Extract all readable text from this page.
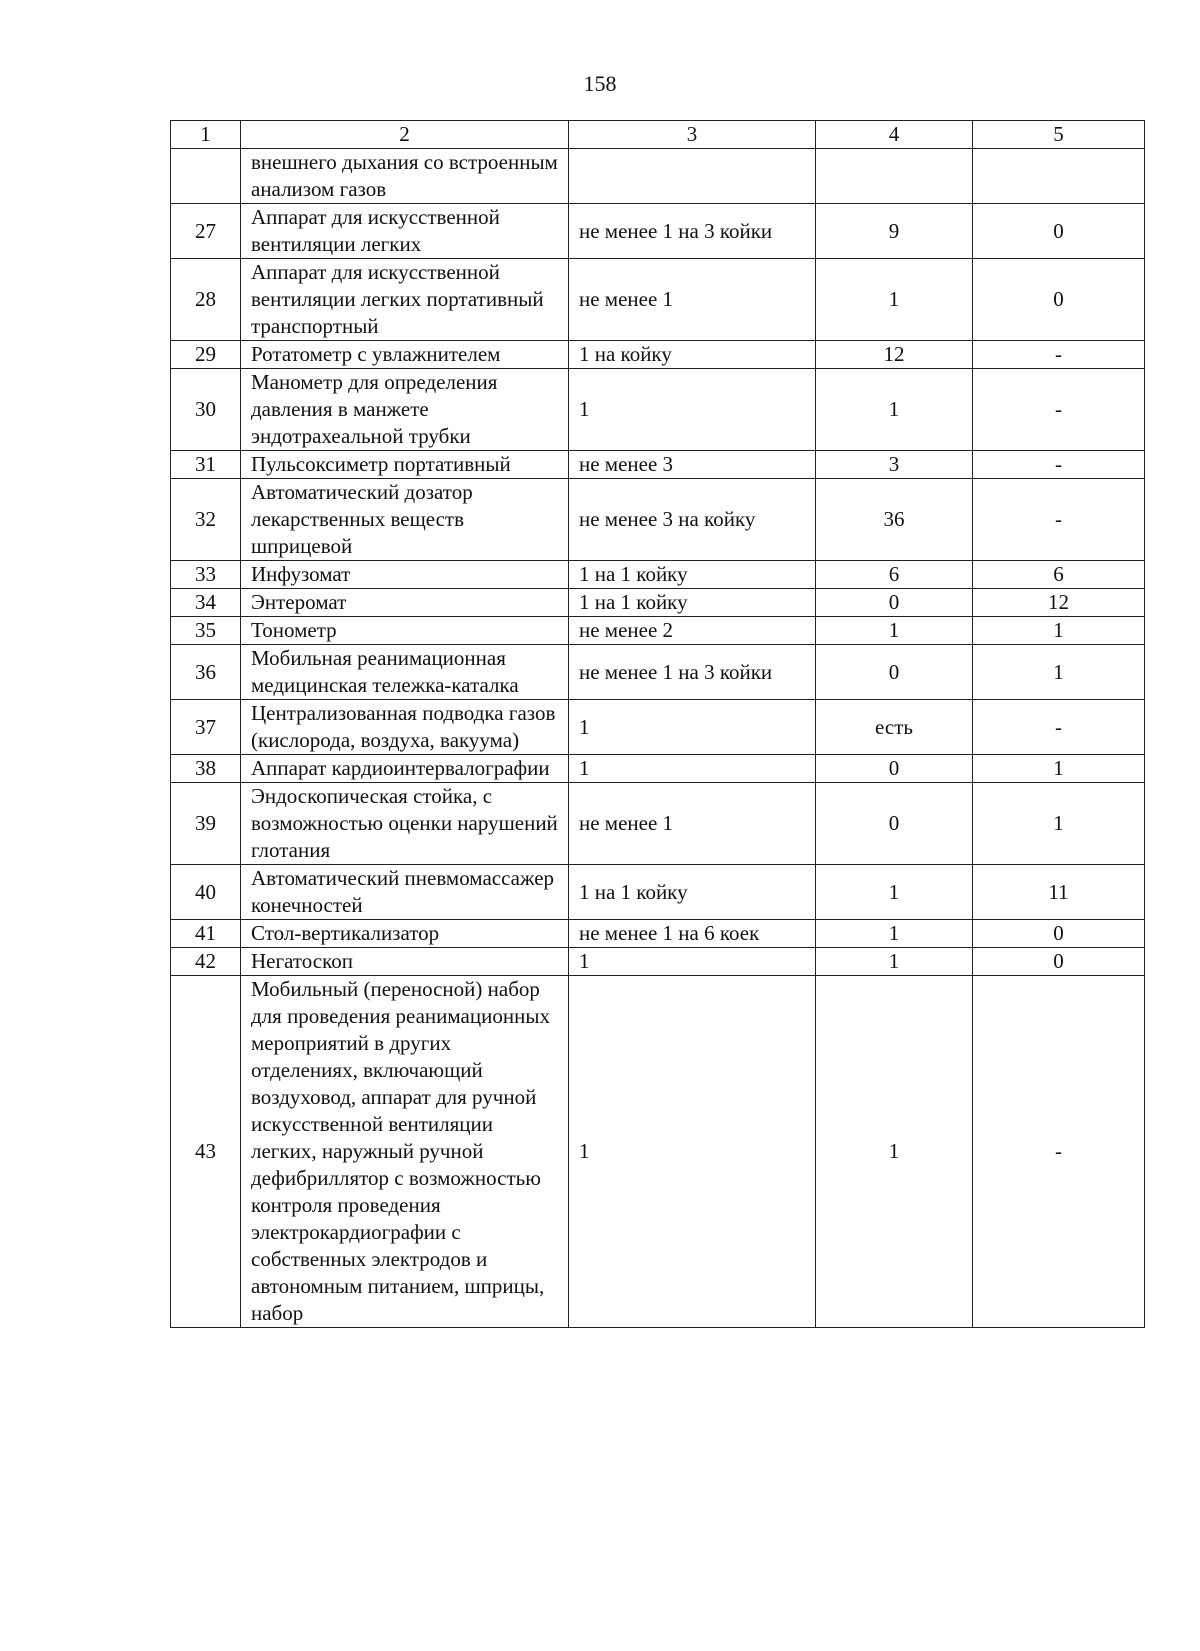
158
1	2	3	4	5
	внешнего дыхания со встроенным анализом газов			
27	Аппарат для искусственной вентиляции легких	не менее 1 на 3 койки	9	0
28	Аппарат для искусственной вентиляции легких портативный транспортный	не менее 1	1	0
29	Ротатометр с увлажнителем	1 на койку	12	-
30	Манометр для определения давления в манжете эндотрахеальной трубки	1	1	-
31	Пульсоксиметр портативный	не менее 3	3	-
32	Автоматический дозатор лекарственных веществ шприцевой	не менее 3 на койку	36	-
33	Инфузомат	1 на 1 койку	6	6
34	Энтеромат	1 на 1 койку	0	12
35	Тонометр	не менее 2	1	1
36	Мобильная реанимационная медицинская тележка-каталка	не менее 1 на 3 койки	0	1
37	Централизованная подводка газов (кислорода, воздуха, вакуума)	1	есть	-
38	Аппарат кардиоинтервалографии	1	0	1
39	Эндоскопическая стойка, с возможностью оценки нарушений глотания	не менее 1	0	1
40	Автоматический пневмомассажер конечностей	1 на 1 койку	1	11
41	Стол-вертикализатор	не менее 1 на 6 коек	1	0
42	Негатоскоп	1	1	0
43	Мобильный (переносной) набор для проведения реанимационных мероприятий в других отделениях, включающий воздуховод, аппарат для ручной искусственной вентиляции легких, наружный ручной дефибриллятор с возможностью контроля проведения электрокардиографии с собственных электродов и автономным питанием, шприцы, набор	1	1	-
